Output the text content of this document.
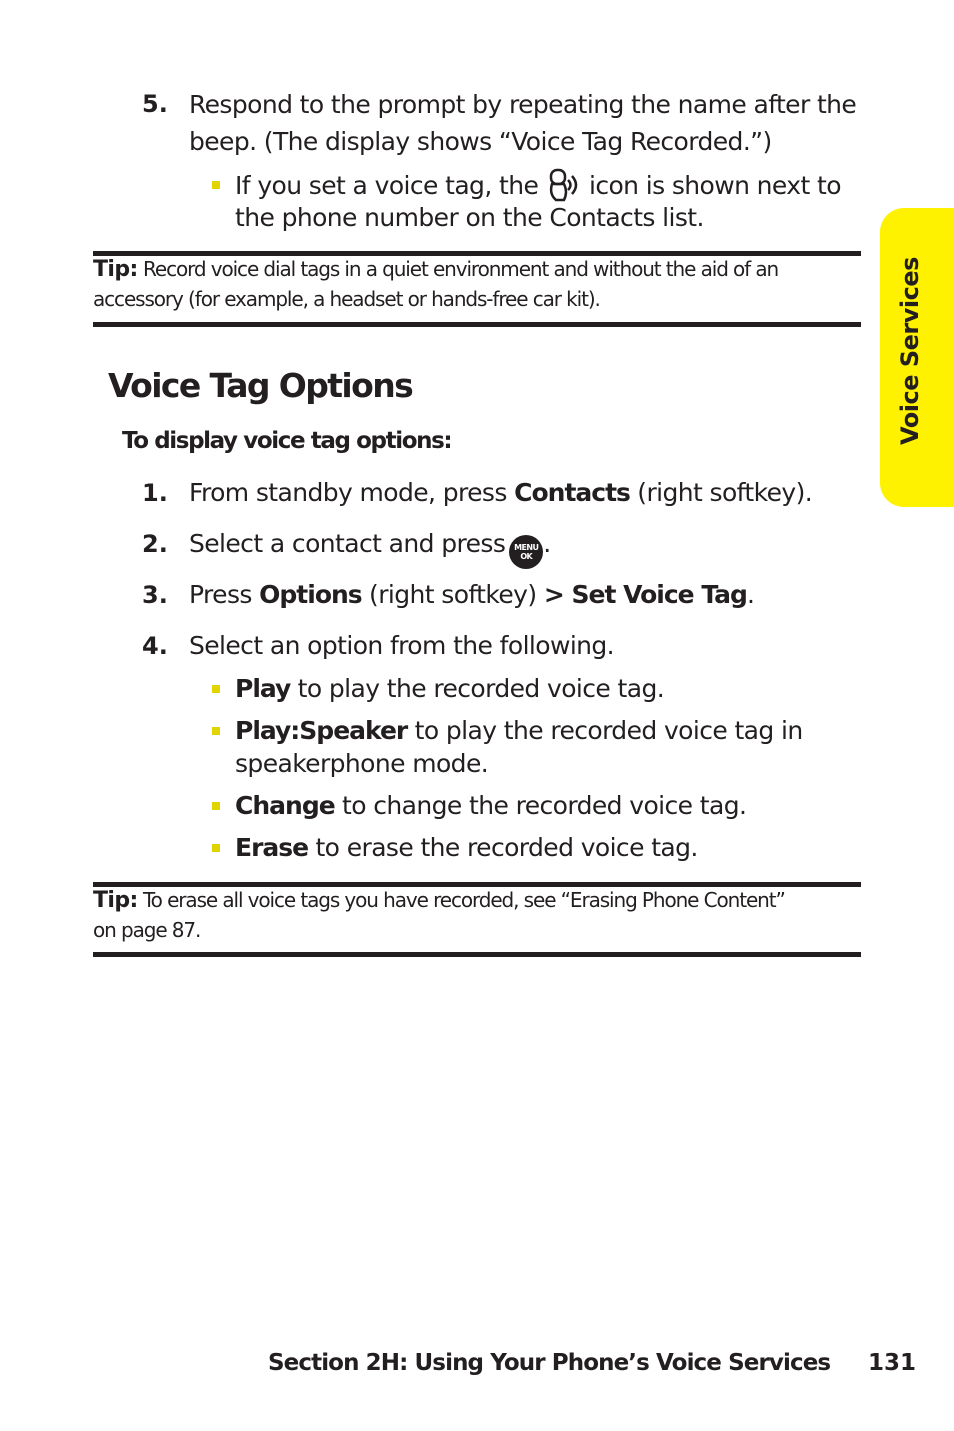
5. Respond to the prompt by repeating the name after the
beep. (The display shows “Voice Tag Recorded.”)
If you set a voice tag, the icon is shown next to
the phone number on the Contacts list.
Tip: Record voice dial tags in a quiet environment and without the aid of an
accessory (for example, a headset or hands-free car kit).
Voice Tag Options
To display voice tag options:
1. From standby mode, press Contacts (right softkey).
2. Select a contact and press	MENU
OK .
3. Press Options (right softkey) > Set Voice Tag.
4. Select an option from the following.
Play to play the recorded voice tag.
Play:Speaker to play the recorded voice tag in
speakerphone mode.
Change to change the recorded voice tag.
Erase to erase the recorded voice tag.
Tip: To erase all voice tags you have recorded, see “Erasing Phone Content”
on page 87.
Voice Services
Section 2H: Using Your Phone’s Voice Services 131
